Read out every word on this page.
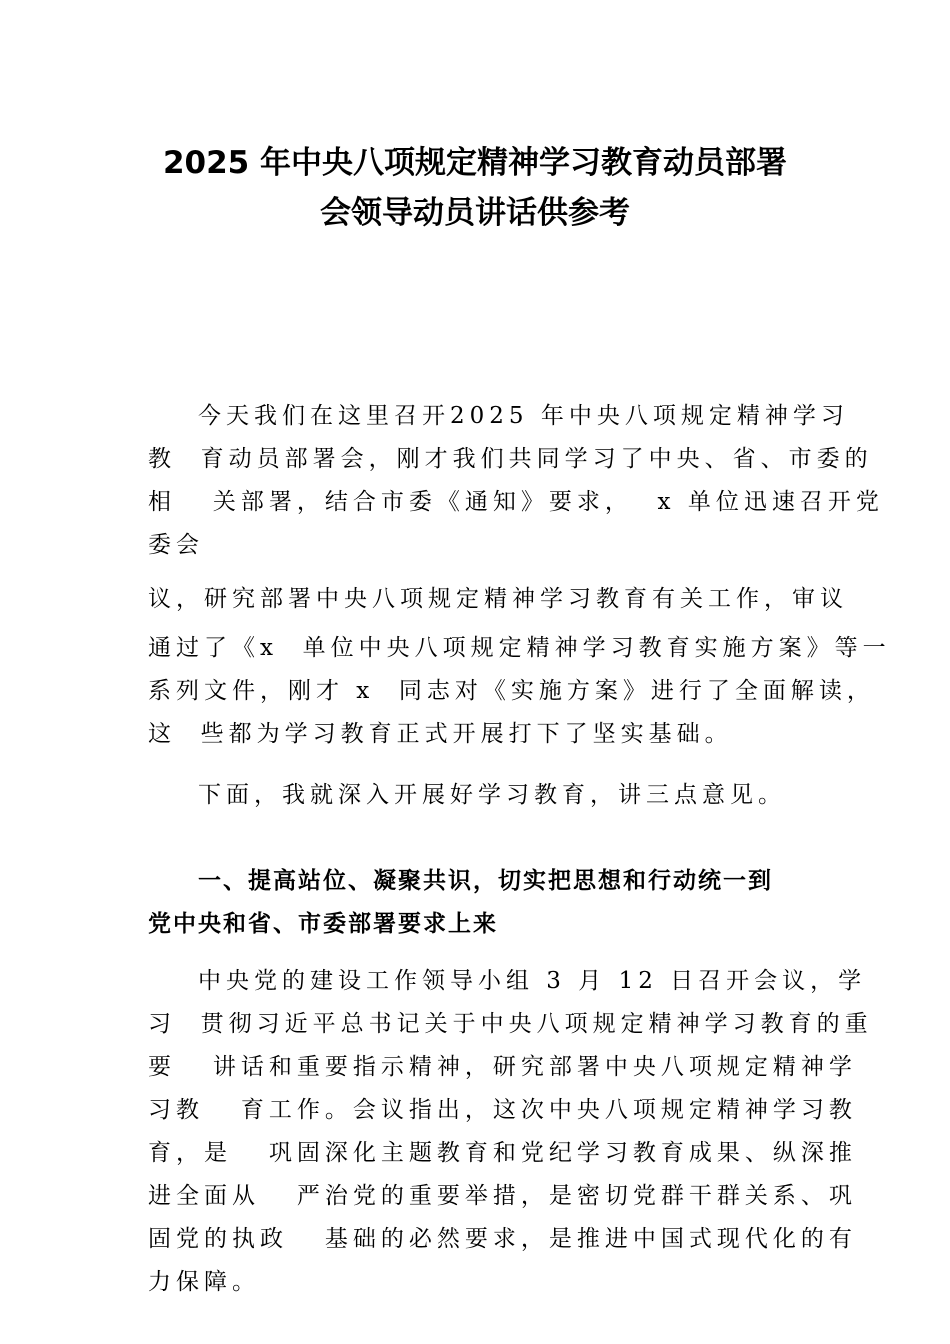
2025 年中央八项规定精神学习教育动员部署
会领导动员讲话供参考
今天我们在这里召开2025 年中央八项规定精神学习
教  育动员部署会，刚才我们共同学习了中央、省、市委的
相   关部署，结合市委《通知》要求，  x 单位迅速召开党
委会
议，研究部署中央八项规定精神学习教育有关工作，审议
通过了《x  单位中央八项规定精神学习教育实施方案》等一
系列文件，刚才 x  同志对《实施方案》进行了全面解读，
这  些都为学习教育正式开展打下了坚实基础。
下面，我就深入开展好学习教育，讲三点意见。
一、提高站位、凝聚共识，切实把思想和行动统一到
党中央和省、市委部署要求上来
中央党的建设工作领导小组 3 月 12 日召开会议，学
习  贯彻习近平总书记关于中央八项规定精神学习教育的重
要   讲话和重要指示精神，研究部署中央八项规定精神学
习教   育工作。会议指出，这次中央八项规定精神学习教
育，是   巩固深化主题教育和党纪学习教育成果、纵深推
进全面从   严治党的重要举措，是密切党群干群关系、巩
固党的执政   基础的必然要求，是推进中国式现代化的有
力保障。
